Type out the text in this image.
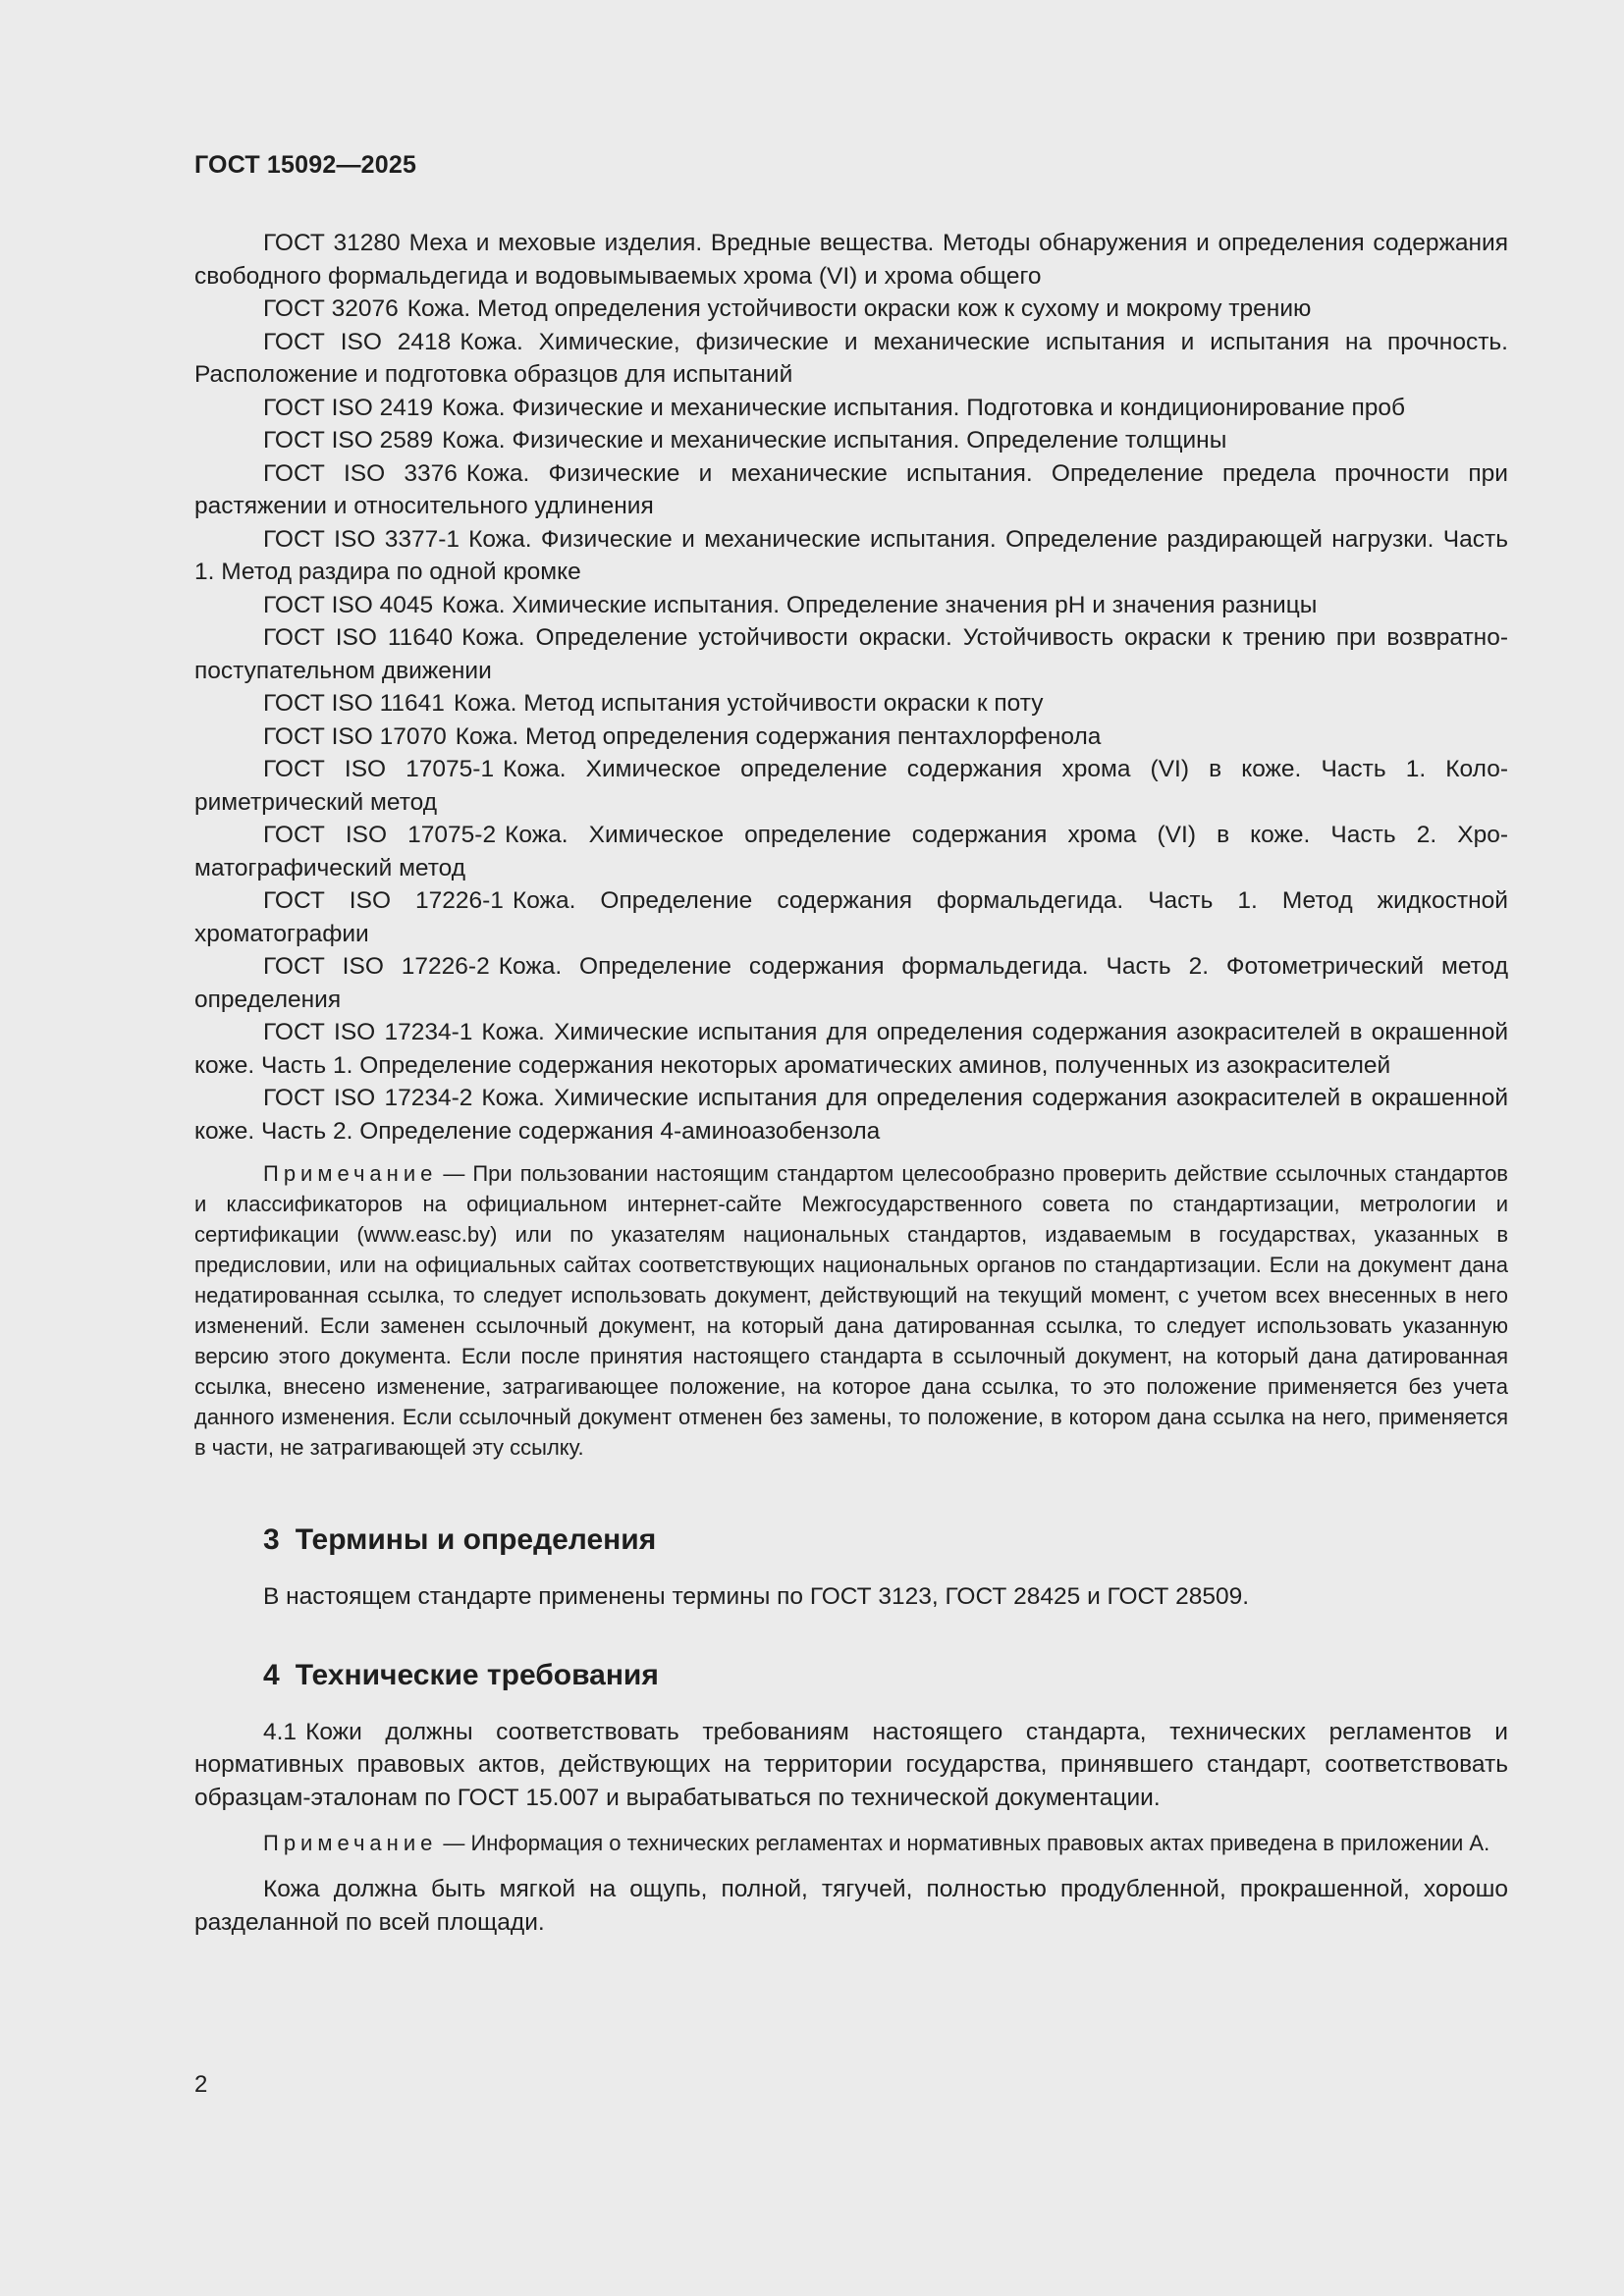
ГОСТ 15092—2025

ГОСТ 31280 Меха и меховые изделия. Вредные вещества. Методы обнаружения и определения содержания свободного формальдегида и водовымываемых хрома (VI) и хрома общего

ГОСТ 32076 Кожа. Метод определения устойчивости окраски кож к сухому и мокрому трению

ГОСТ ISO 2418 Кожа. Химические, физические и механические испытания и испытания на прочность. Расположение и подготовка образцов для испытаний

ГОСТ ISO 2419 Кожа. Физические и механические испытания. Подготовка и кондиционирование проб

ГОСТ ISO 2589 Кожа. Физические и механические испытания. Определение толщины

ГОСТ ISO 3376 Кожа. Физические и механические испытания. Определение предела прочности при растяжении и относительного удлинения

ГОСТ ISO 3377-1 Кожа. Физические и механические испытания. Определение раздирающей нагрузки. Часть 1. Метод раздира по одной кромке

ГОСТ ISO 4045 Кожа. Химические испытания. Определение значения pH и значения разницы

ГОСТ ISO 11640 Кожа. Определение устойчивости окраски. Устойчивость окраски к трению при возвратно-поступательном движении

ГОСТ ISO 11641 Кожа. Метод испытания устойчивости окраски к поту

ГОСТ ISO 17070 Кожа. Метод определения содержания пентахлорфенола

ГОСТ ISO 17075-1 Кожа. Химическое определение содержания хрома (VI) в коже. Часть 1. Колориметрический метод

ГОСТ ISO 17075-2 Кожа. Химическое определение содержания хрома (VI) в коже. Часть 2. Хроматографический метод

ГОСТ ISO 17226-1 Кожа. Определение содержания формальдегида. Часть 1. Метод жидкостной хроматографии

ГОСТ ISO 17226-2 Кожа. Определение содержания формальдегида. Часть 2. Фотометрический метод определения

ГОСТ ISO 17234-1 Кожа. Химические испытания для определения содержания азокрасителей в окрашенной коже. Часть 1. Определение содержания некоторых ароматических аминов, полученных из азокрасителей

ГОСТ ISO 17234-2 Кожа. Химические испытания для определения содержания азокрасителей в окрашенной коже. Часть 2. Определение содержания 4-аминоазобензола

Примечание — При пользовании настоящим стандартом целесообразно проверить действие ссылочных стандартов и классификаторов на официальном интернет-сайте Межгосударственного совета по стандартизации, метрологии и сертификации (www.easc.by) или по указателям национальных стандартов, издаваемым в государствах, указанных в предисловии, или на официальных сайтах соответствующих национальных органов по стандартизации. Если на документ дана недатированная ссылка, то следует использовать документ, действующий на текущий момент, с учетом всех внесенных в него изменений. Если заменен ссылочный документ, на который дана датированная ссылка, то следует использовать указанную версию этого документа. Если после принятия настоящего стандарта в ссылочный документ, на который дана датированная ссылка, внесено изменение, затрагивающее положение, на которое дана ссылка, то это положение применяется без учета данного изменения. Если ссылочный документ отменен без замены, то положение, в котором дана ссылка на него, применяется в части, не затрагивающей эту ссылку.

3 Термины и определения

В настоящем стандарте применены термины по ГОСТ 3123, ГОСТ 28425 и ГОСТ 28509.

4 Технические требования

4.1 Кожи должны соответствовать требованиям настоящего стандарта, технических регламентов и нормативных правовых актов, действующих на территории государства, принявшего стандарт, соответствовать образцам-эталонам по ГОСТ 15.007 и вырабатываться по технической документации.

Примечание — Информация о технических регламентах и нормативных правовых актах приведена в приложении А.

Кожа должна быть мягкой на ощупь, полной, тягучей, полностью продубленной, прокрашенной, хорошо разделанной по всей площади.

2
